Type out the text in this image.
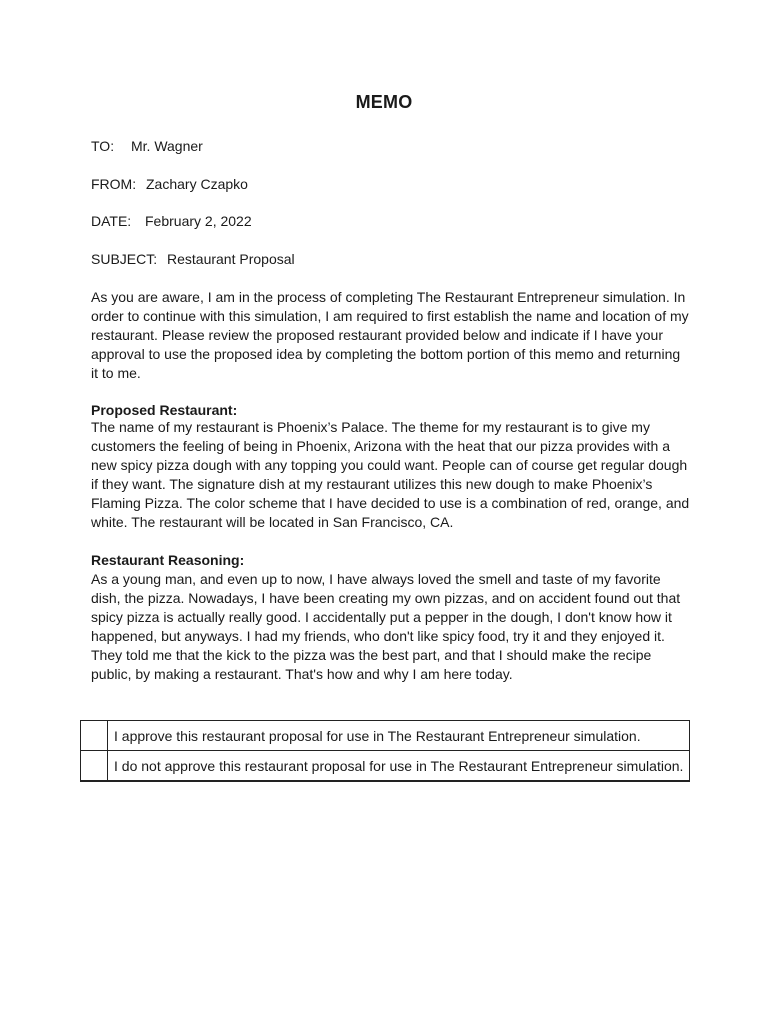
MEMO
TO: Mr. Wagner
FROM: Zachary Czapko
DATE: February 2, 2022
SUBJECT: Restaurant Proposal

As you are aware, I am in the process of completing The Restaurant Entrepreneur simulation. In order to continue with this simulation, I am required to first establish the name and location of my restaurant. Please review the proposed restaurant provided below and indicate if I have your approval to use the proposed idea by completing the bottom portion of this memo and returning it to me.

Proposed Restaurant:

The name of my restaurant is Phoenix’s Palace. The theme for my restaurant is to give my customers the feeling of being in Phoenix, Arizona with the heat that our pizza provides with a new spicy pizza dough with any topping you could want. People can of course get regular dough if they want. The signature dish at my restaurant utilizes this new dough to make Phoenix’s Flaming Pizza. The color scheme that I have decided to use is a combination of red, orange, and white. The restaurant will be located in San Francisco, CA.

Restaurant Reasoning:

As a young man, and even up to now, I have always loved the smell and taste of my favorite dish, the pizza. Nowadays, I have been creating my own pizzas, and on accident found out that spicy pizza is actually really good. I accidentally put a pepper in the dough, I don't know how it happened, but anyways. I had my friends, who don't like spicy food, try it and they enjoyed it. They told me that the kick to the pizza was the best part, and that I should make the recipe public, by making a restaurant. That's how and why I am here today.

	I approve this restaurant proposal for use in The Restaurant Entrepreneur simulation.
	I do not approve this restaurant proposal for use in The Restaurant Entrepreneur simulation.
